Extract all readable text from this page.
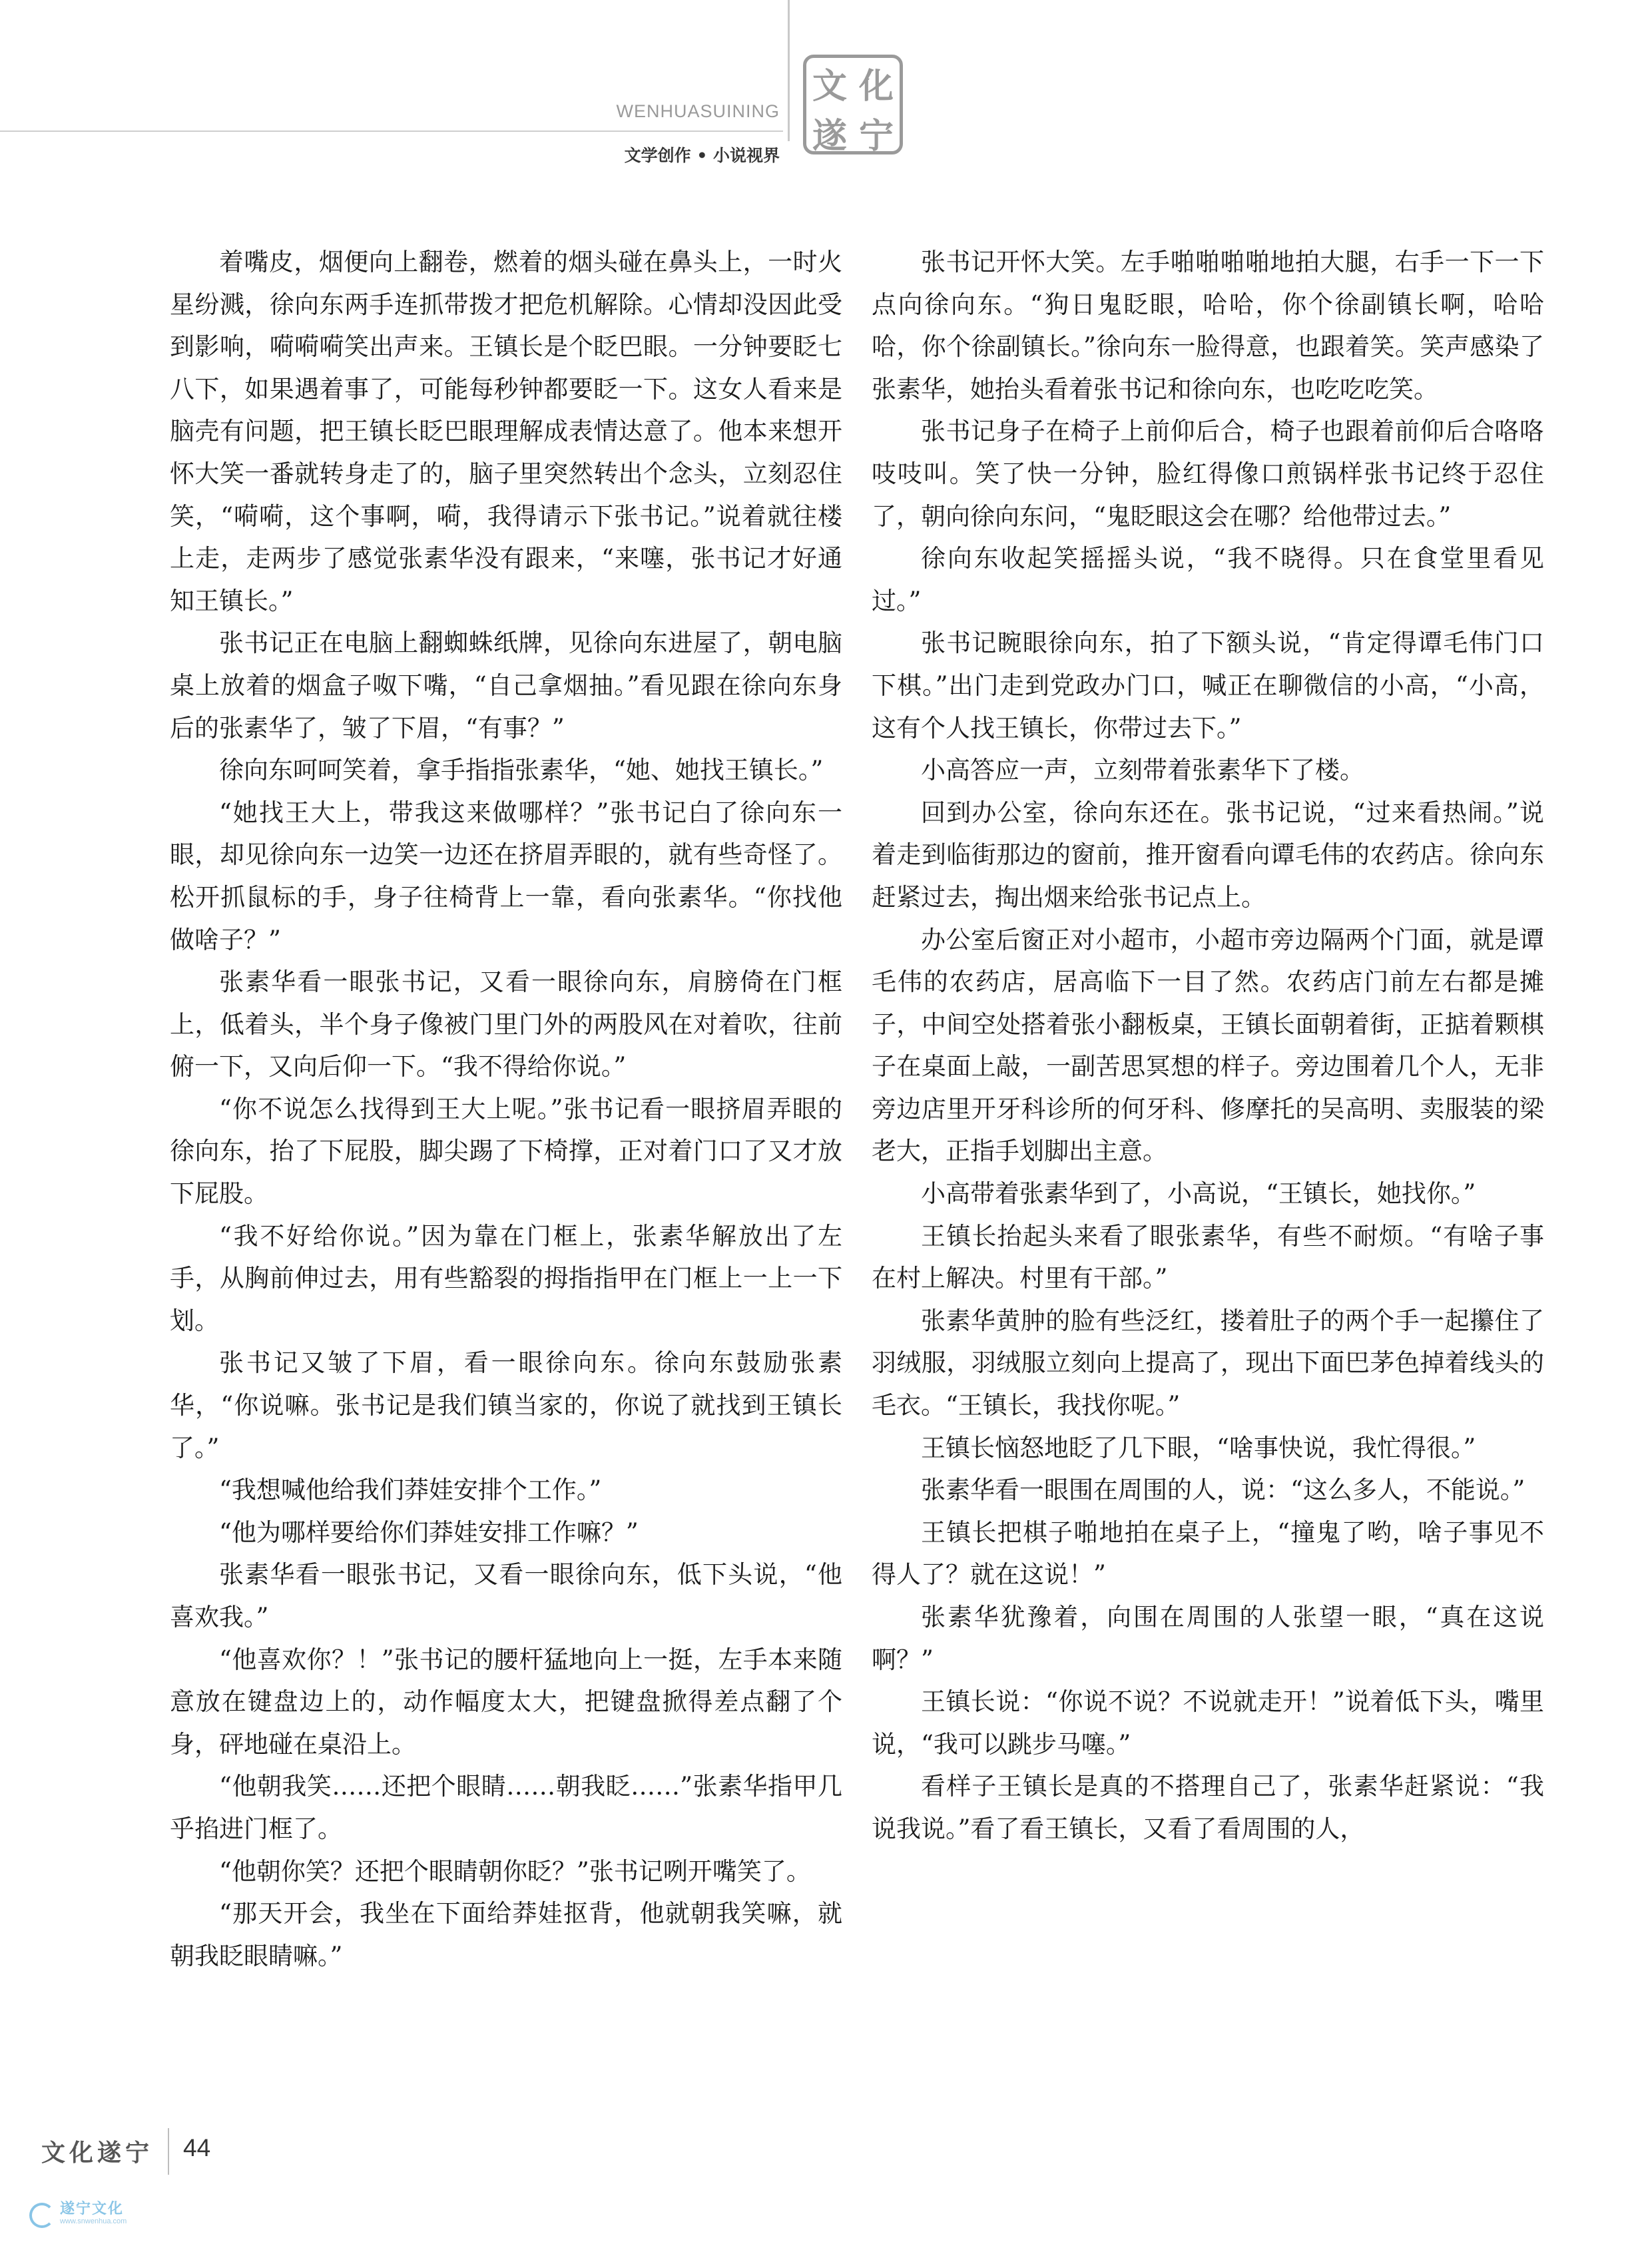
WENHUASUINING
文学创作 • 小说视界
文 化
遂 宁

着嘴皮，烟便向上翻卷，燃着的烟头碰在鼻头上，一时火星纷溅，徐向东两手连抓带拨才把危机解除。心情却没因此受到影响，嗬嗬嗬笑出声来。王镇长是个眨巴眼。一分钟要眨七八下，如果遇着事了，可能每秒钟都要眨一下。这女人看来是脑壳有问题，把王镇长眨巴眼理解成表情达意了。他本来想开怀大笑一番就转身走了的，脑子里突然转出个念头，立刻忍住笑，“嗬嗬，这个事啊，嗬，我得请示下张书记。”说着就往楼上走，走两步了感觉张素华没有跟来，“来噻，张书记才好通知王镇长。”

张书记正在电脑上翻蜘蛛纸牌，见徐向东进屋了，朝电脑桌上放着的烟盒子呶下嘴，“自己拿烟抽。”看见跟在徐向东身后的张素华了，皱了下眉，“有事？”

徐向东呵呵笑着，拿手指指张素华，“她、她找王镇长。”

“她找王大上，带我这来做哪样？”张书记白了徐向东一眼，却见徐向东一边笑一边还在挤眉弄眼的，就有些奇怪了。松开抓鼠标的手，身子往椅背上一靠，看向张素华。“你找他做啥子？”

张素华看一眼张书记，又看一眼徐向东，肩膀倚在门框上，低着头，半个身子像被门里门外的两股风在对着吹，往前俯一下，又向后仰一下。“我不得给你说。”

“你不说怎么找得到王大上呢。”张书记看一眼挤眉弄眼的徐向东，抬了下屁股，脚尖踢了下椅撑，正对着门口了又才放下屁股。

“我不好给你说。”因为靠在门框上，张素华解放出了左手，从胸前伸过去，用有些豁裂的拇指指甲在门框上一上一下划。

张书记又皱了下眉，看一眼徐向东。徐向东鼓励张素华，“你说嘛。张书记是我们镇当家的，你说了就找到王镇长了。”

“我想喊他给我们莽娃安排个工作。”

“他为哪样要给你们莽娃安排工作嘛？”

张素华看一眼张书记，又看一眼徐向东，低下头说，“他喜欢我。”

“他喜欢你？！”张书记的腰杆猛地向上一挺，左手本来随意放在键盘边上的，动作幅度太大，把键盘掀得差点翻了个身，砰地碰在桌沿上。

“他朝我笑……还把个眼睛……朝我眨……”张素华指甲几乎掐进门框了。

“他朝你笑？还把个眼睛朝你眨？”张书记咧开嘴笑了。

“那天开会，我坐在下面给莽娃抠背，他就朝我笑嘛，就朝我眨眼睛嘛。”

张书记开怀大笑。左手啪啪啪啪地拍大腿，右手一下一下点向徐向东。“狗日鬼眨眼，哈哈，你个徐副镇长啊，哈哈哈，你个徐副镇长。”徐向东一脸得意，也跟着笑。笑声感染了张素华，她抬头看着张书记和徐向东，也吃吃吃笑。

张书记身子在椅子上前仰后合，椅子也跟着前仰后合咯咯吱吱叫。笑了快一分钟，脸红得像口煎锅样张书记终于忍住了，朝向徐向东问，“鬼眨眼这会在哪？给他带过去。”

徐向东收起笑摇摇头说，“我不晓得。只在食堂里看见过。”

张书记睕眼徐向东，拍了下额头说，“肯定得谭毛伟门口下棋。”出门走到党政办门口，喊正在聊微信的小高，“小高，这有个人找王镇长，你带过去下。”

小高答应一声，立刻带着张素华下了楼。

回到办公室，徐向东还在。张书记说，“过来看热闹。”说着走到临街那边的窗前，推开窗看向谭毛伟的农药店。徐向东赶紧过去，掏出烟来给张书记点上。

办公室后窗正对小超市，小超市旁边隔两个门面，就是谭毛伟的农药店，居高临下一目了然。农药店门前左右都是摊子，中间空处搭着张小翻板桌，王镇长面朝着街，正掂着颗棋子在桌面上敲，一副苦思冥想的样子。旁边围着几个人，无非旁边店里开牙科诊所的何牙科、修摩托的吴高明、卖服装的梁老大，正指手划脚出主意。

小高带着张素华到了，小高说，“王镇长，她找你。”

王镇长抬起头来看了眼张素华，有些不耐烦。“有啥子事在村上解决。村里有干部。”

张素华黄肿的脸有些泛红，搂着肚子的两个手一起攥住了羽绒服，羽绒服立刻向上提高了，现出下面巴茅色掉着线头的毛衣。“王镇长，我找你呢。”

王镇长恼怒地眨了几下眼，“啥事快说，我忙得很。”

张素华看一眼围在周围的人，说：“这么多人，不能说。”

王镇长把棋子啪地拍在桌子上，“撞鬼了哟，啥子事见不得人了？就在这说！”

张素华犹豫着，向围在周围的人张望一眼，“真在这说啊？”

王镇长说：“你说不说？不说就走开！”说着低下头，嘴里说，“我可以跳步马噻。”

看样子王镇长是真的不搭理自己了，张素华赶紧说：“我说我说。”看了看王镇长，又看了看周围的人，

文化遂宁 44
遂宁文化
www.snwenhua.com
